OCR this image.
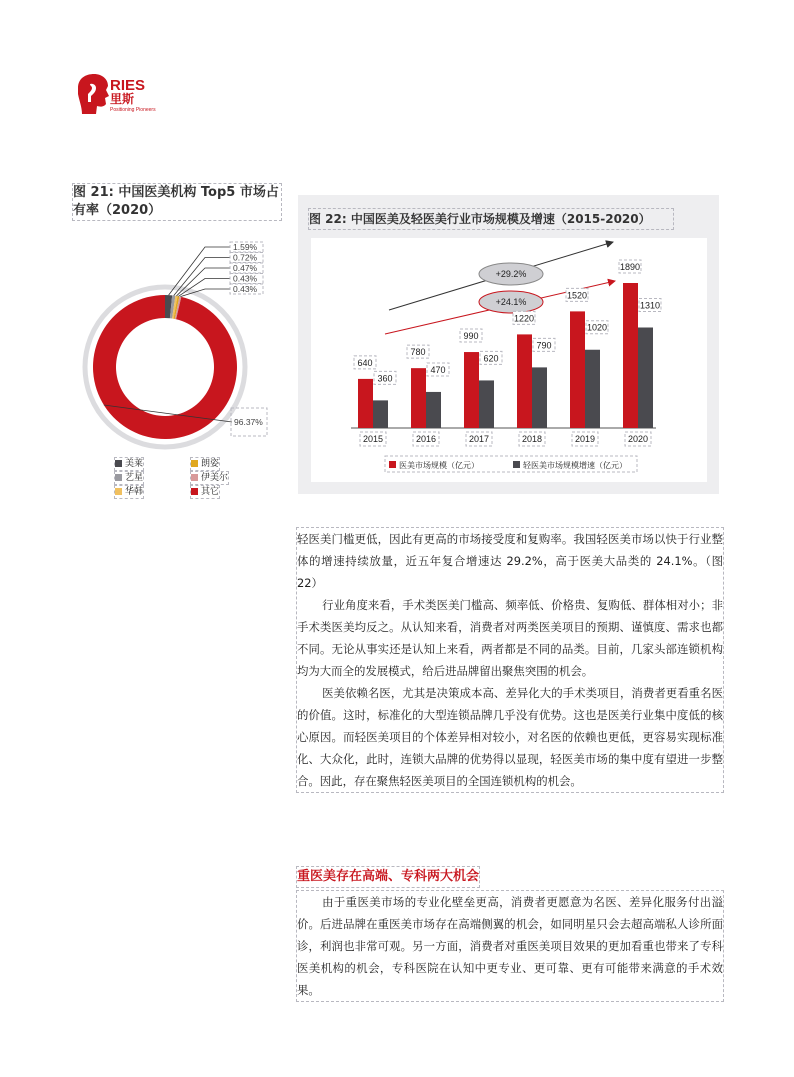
RIES
里斯
Positioning Pioneers
图 21: 中国医美机构 Top5 市场占有率（2020）
1.59%
0.72%
0.47%
0.43%
0.43%
96.37%
美莱
艺星
华韩
朗姿
伊美尔
其它
图 22: 中国医美及轻医美行业市场规模及增速（2015-2020）
+29.2%
+24.1%
640
360
2015
780
470
2016
990
620
2017
1220
790
2018
1520
1020
2019
1890
1310
2020
医美市场规模（亿元）	轻医美市场规模增速（亿元）

轻医美门槛更低，因此有更高的市场接受度和复购率。我国轻医美市场以快于行业整体的增速持续放量，近五年复合增速达 29.2%，高于医美大品类的 24.1%。（图 22）

行业角度来看，手术类医美门槛高、频率低、价格贵、复购低、群体相对小；非手术类医美均反之。从认知来看，消费者对两类医美项目的预期、谨慎度、需求也都不同。无论从事实还是认知上来看，两者都是不同的品类。目前，几家头部连锁机构均为大而全的发展模式，给后进品牌留出聚焦突围的机会。

医美依赖名医，尤其是决策成本高、差异化大的手术类项目，消费者更看重名医的价值。这时，标准化的大型连锁品牌几乎没有优势。这也是医美行业集中度低的核心原因。而轻医美项目的个体差异相对较小，对名医的依赖也更低，更容易实现标准化、大众化，此时，连锁大品牌的优势得以显现，轻医美市场的集中度有望进一步整合。因此，存在聚焦轻医美项目的全国连锁机构的机会。

重医美存在高端、专科两大机会

由于重医美市场的专业化壁垒更高，消费者更愿意为名医、差异化服务付出溢价。后进品牌在重医美市场存在高端侧翼的机会，如同明星只会去超高端私人诊所面诊，利润也非常可观。另一方面，消费者对重医美项目效果的更加看重也带来了专科医美机构的机会，专科医院在认知中更专业、更可靠、更有可能带来满意的手术效果。
